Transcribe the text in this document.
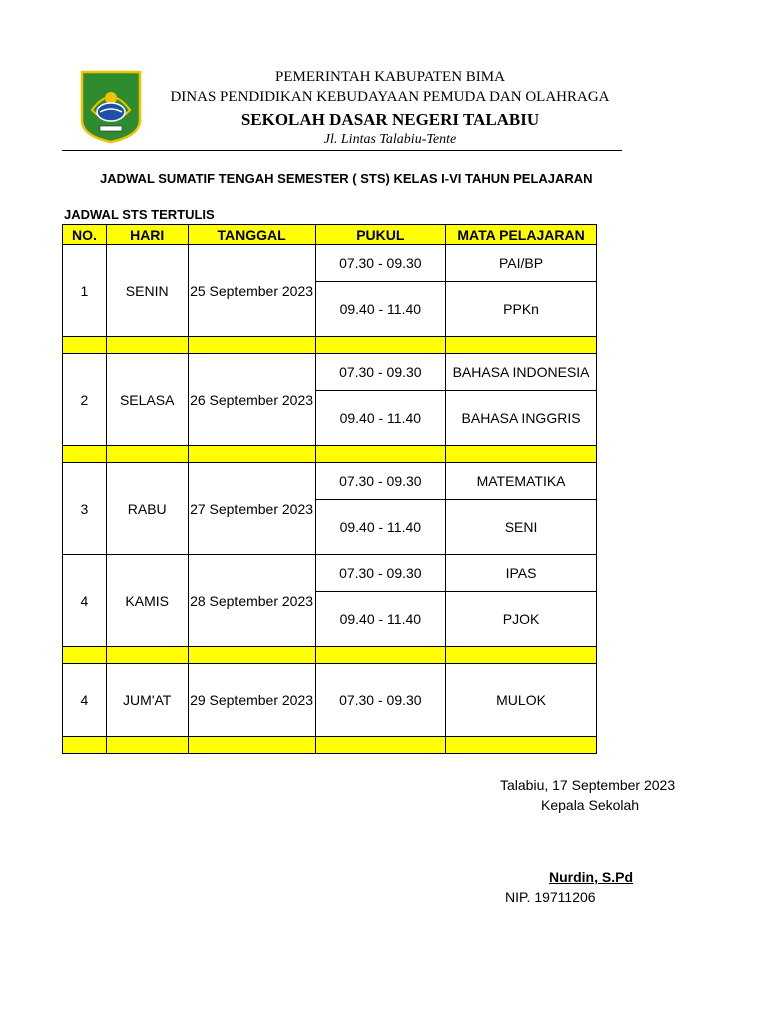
PEMERINTAH KABUPATEN BIMA
DINAS PENDIDIKAN KEBUDAYAAN PEMUDA DAN OLAHRAGA
SEKOLAH DASAR NEGERI TALABIU
Jl. Lintas Talabiu-Tente
JADWAL SUMATIF TENGAH SEMESTER ( STS) KELAS I-VI TAHUN PELAJARAN
JADWAL STS TERTULIS
NO.	HARI	TANGGAL	PUKUL	MATA PELAJARAN
1	SENIN	25 September 2023	07.30 - 09.30	PAI/BP
			09.40 - 11.40	PPKn

2	SELASA	26 September 2023	07.30 - 09.30	BAHASA INDONESIA
			09.40 - 11.40	BAHASA INGGRIS

3	RABU	27 September 2023	07.30 - 09.30	MATEMATIKA
			09.40 - 11.40	SENI
4	KAMIS	28 September 2023	07.30 - 09.30	IPAS
			09.40 - 11.40	PJOK

4	JUM'AT	29 September 2023	07.30 - 09.30	MULOK

Talabiu, 17 September 2023
Kepala Sekolah
Nurdin, S.Pd
NIP. 19711206
